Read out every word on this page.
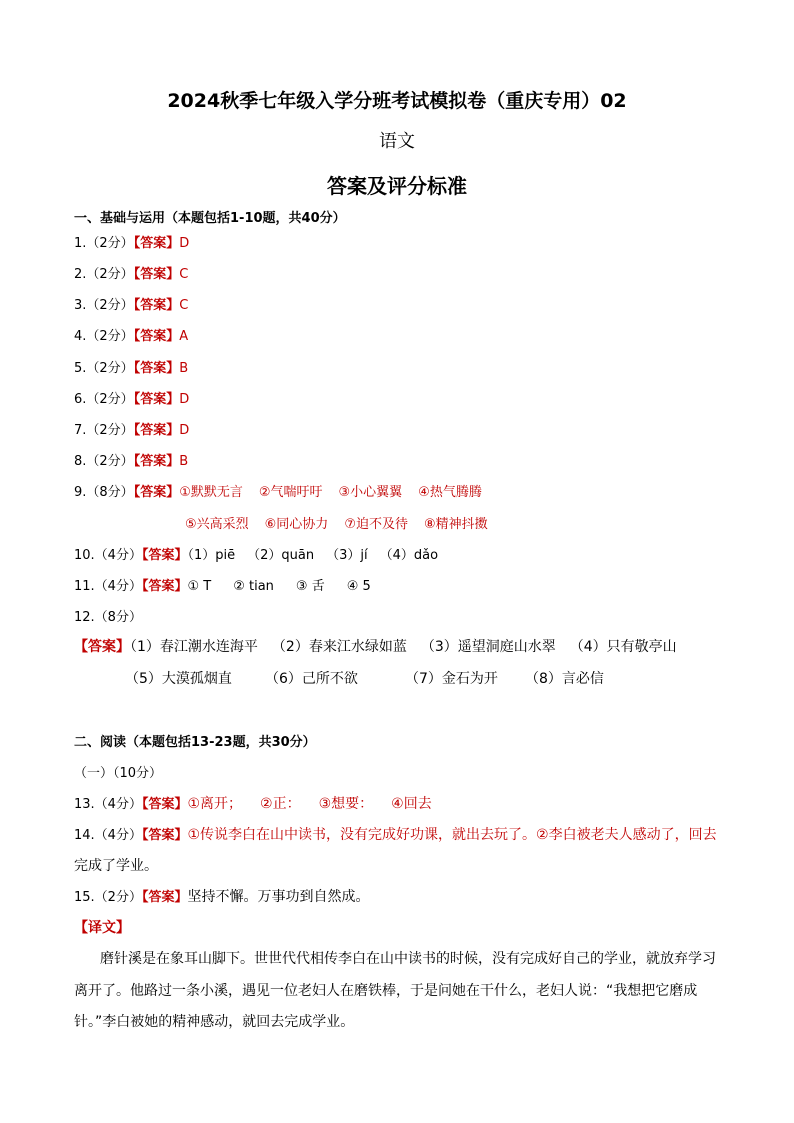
2024秋季七年级入学分班考试模拟卷（重庆专用）02
语文
答案及评分标准
一、基础与运用（本题包括1-10题，共40分）
1.（2分）【答案】D
2.（2分）【答案】C
3.（2分）【答案】C
4.（2分）【答案】A
5.（2分）【答案】B
6.（2分）【答案】D
7.（2分）【答案】D
8.（2分）【答案】B
9.（8分）【答案】①默默无言 ②气喘吁吁 ③小心翼翼 ④热气腾腾
⑤兴高采烈 ⑥同心协力 ⑦迫不及待 ⑧精神抖擞
10.（4分）【答案】（1）piē （2）quān （3）jí （4）dǎo
11.（4分）【答案】① T ② tian ③ 舌 ④ 5
12.（8分）
【答案】（1）春江潮水连海平 （2）春来江水绿如蓝 （3）遥望洞庭山水翠 （4）只有敬亭山
（5）大漠孤烟直 （6）己所不欲	（7）金石为开 （8）言必信
二、阅读（本题包括13-23题，共30分）
（一）（10分）
13.（4分）【答案】①离开； ②正： ③想要： ④回去
14.（4分）【答案】①传说李白在山中读书，没有完成好功课，就出去玩了。②李白被老夫人感动了，回去
完成了学业。
15.（2分）【答案】坚持不懈。万事功到自然成。
【译文】
磨针溪是在象耳山脚下。世世代代相传李白在山中读书的时候，没有完成好自己的学业，就放弃学习
离开了。他路过一条小溪，遇见一位老妇人在磨铁棒，于是问她在干什么，老妇人说：“我想把它磨成
针。”李白被她的精神感动，就回去完成学业。
